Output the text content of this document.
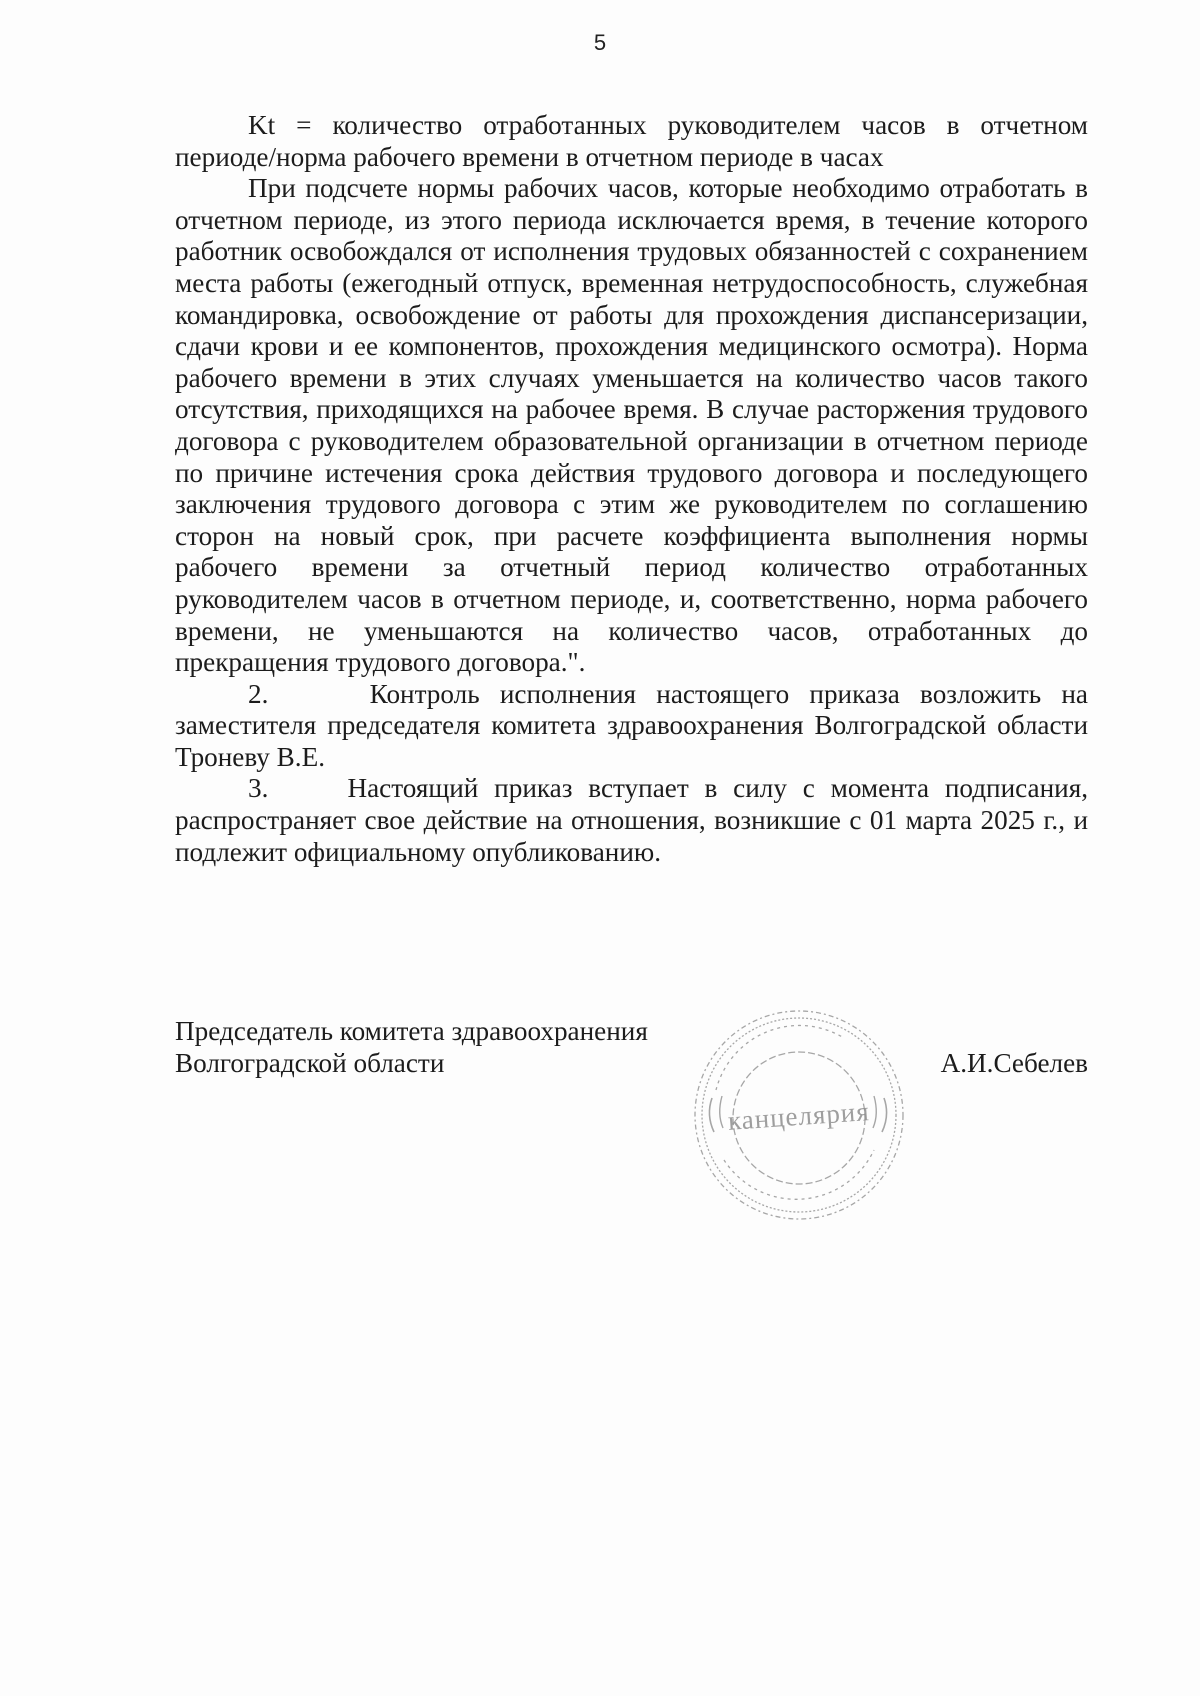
5

Kt = количество отработанных руководителем часов в отчетном периоде/норма рабочего времени в отчетном периоде в часах

При подсчете нормы рабочих часов, которые необходимо отработать в отчетном периоде, из этого периода исключается время, в течение которого работник освобождался от исполнения трудовых обязанностей с сохранением места работы (ежегодный отпуск, временная нетрудоспособность, служебная командировка, освобождение от работы для прохождения диспансеризации, сдачи крови и ее компонентов, прохождения медицинского осмотра). Норма рабочего времени в этих случаях уменьшается на количество часов такого отсутствия, приходящихся на рабочее время. В случае расторжения трудового договора с руководителем образовательной организации в отчетном периоде по причине истечения срока действия трудового договора и последующего заключения трудового договора с этим же руководителем по соглашению сторон на новый срок, при расчете коэффициента выполнения нормы рабочего времени за отчетный период количество отработанных руководителем часов в отчетном периоде, и, соответственно, норма рабочего времени, не уменьшаются на количество часов, отработанных до прекращения трудового договора.".

2.     Контроль исполнения настоящего приказа возложить на заместителя председателя комитета здравоохранения Волгоградской области Троневу В.Е.

3.     Настоящий приказ вступает в силу с момента подписания, распространяет свое действие на отношения, возникшие с 01 марта 2025 г., и подлежит официальному опубликованию.

Председатель комитета здравоохранения
Волгоградской области
канцелярия
А.И.Себелев
